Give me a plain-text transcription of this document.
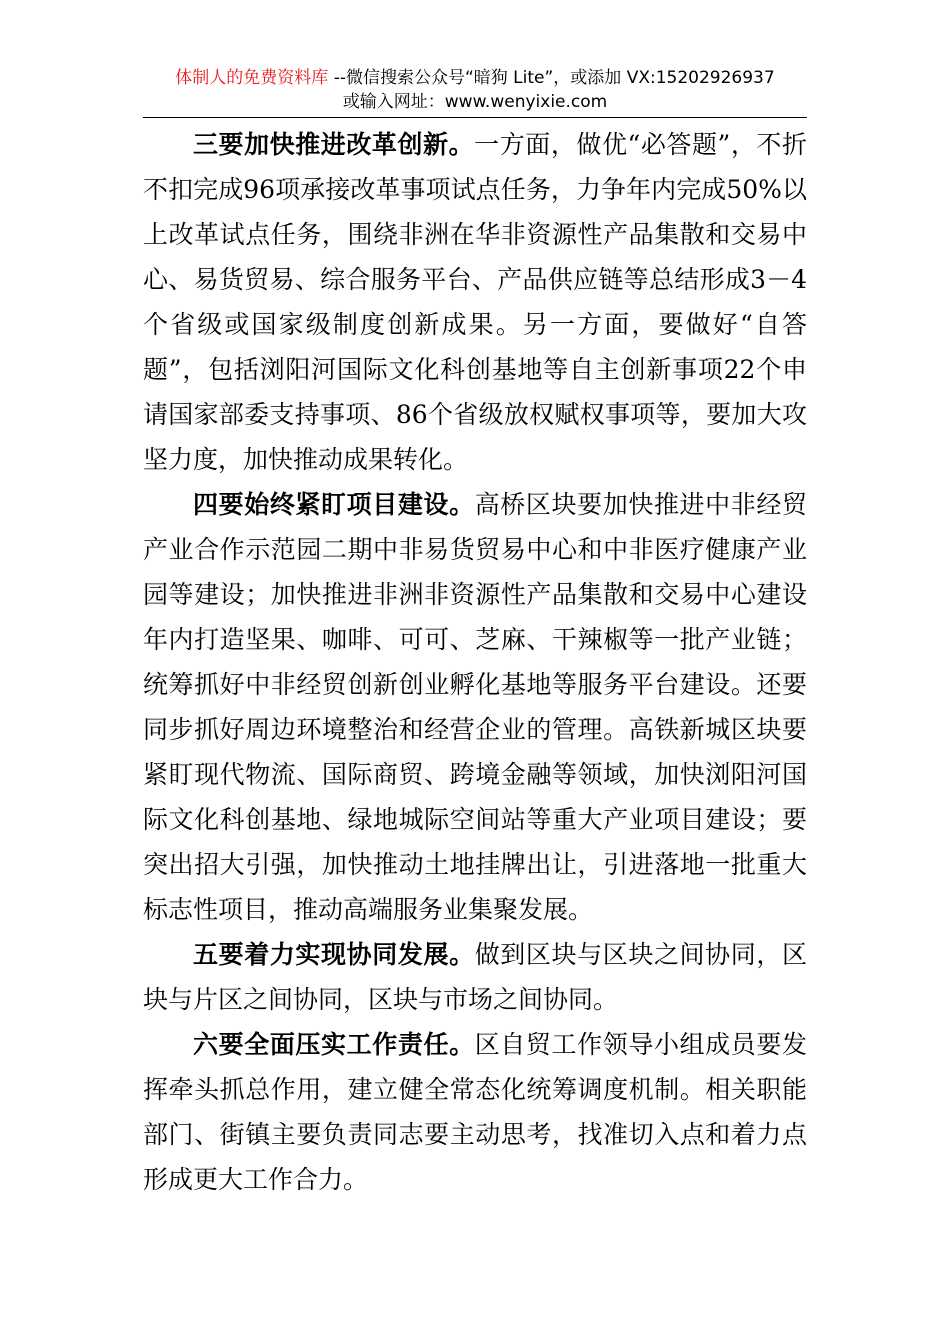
体制人的免费资料库 --微信搜索公众号“暗狗 Lite”，或添加 VX:15202926937
或输入网址：www.wenyixie.com

三要加快推进改革创新。一方面，做优“必答题”，不折不扣完成96项承接改革事项试点任务，力争年内完成50%以上改革试点任务，围绕非洲在华非资源性产品集散和交易中心、易货贸易、综合服务平台、产品供应链等总结形成3－4个省级或国家级制度创新成果。另一方面，要做好“自答题”，包括浏阳河国际文化科创基地等自主创新事项22个申请国家部委支持事项、86个省级放权赋权事项等，要加大攻坚力度，加快推动成果转化。

四要始终紧盯项目建设。高桥区块要加快推进中非经贸产业合作示范园二期中非易货贸易中心和中非医疗健康产业园等建设；加快推进非洲非资源性产品集散和交易中心建设年内打造坚果、咖啡、可可、芝麻、干辣椒等一批产业链；统筹抓好中非经贸创新创业孵化基地等服务平台建设。还要同步抓好周边环境整治和经营企业的管理。高铁新城区块要紧盯现代物流、国际商贸、跨境金融等领域，加快浏阳河国际文化科创基地、绿地城际空间站等重大产业项目建设；要突出招大引强，加快推动土地挂牌出让，引进落地一批重大标志性项目，推动高端服务业集聚发展。

五要着力实现协同发展。做到区块与区块之间协同，区块与片区之间协同，区块与市场之间协同。

六要全面压实工作责任。区自贸工作领导小组成员要发挥牵头抓总作用，建立健全常态化统筹调度机制。相关职能部门、街镇主要负责同志要主动思考，找准切入点和着力点形成更大工作合力。
